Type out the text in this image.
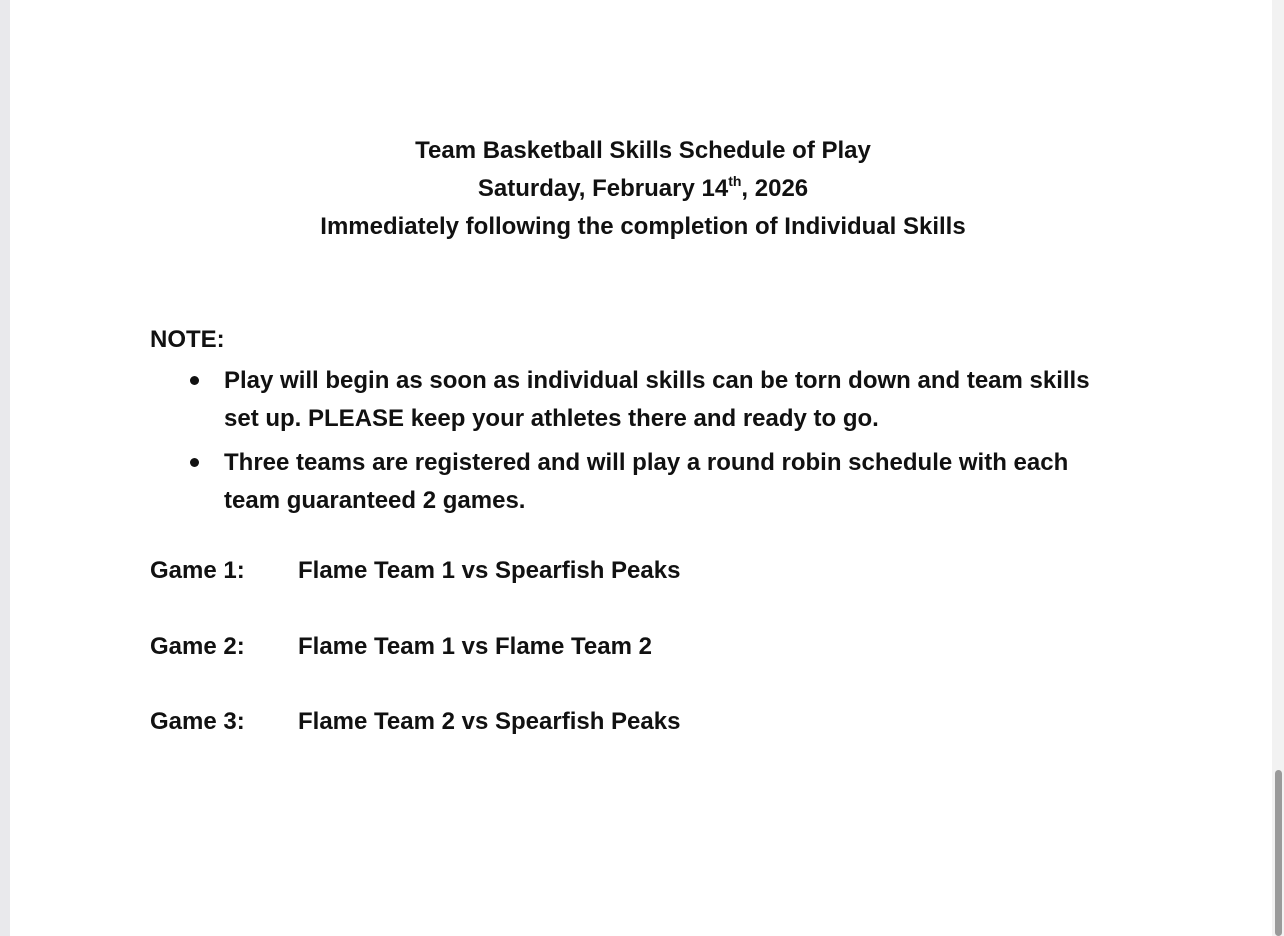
Team Basketball Skills Schedule of Play
Saturday, February 14th, 2026
Immediately following the completion of Individual Skills
NOTE:
Play will begin as soon as individual skills can be torn down and team skills set up. PLEASE keep your athletes there and ready to go.
Three teams are registered and will play a round robin schedule with each team guaranteed 2 games.
Game 1: Flame Team 1 vs Spearfish Peaks
Game 2: Flame Team 1 vs Flame Team 2
Game 3: Flame Team 2 vs Spearfish Peaks
